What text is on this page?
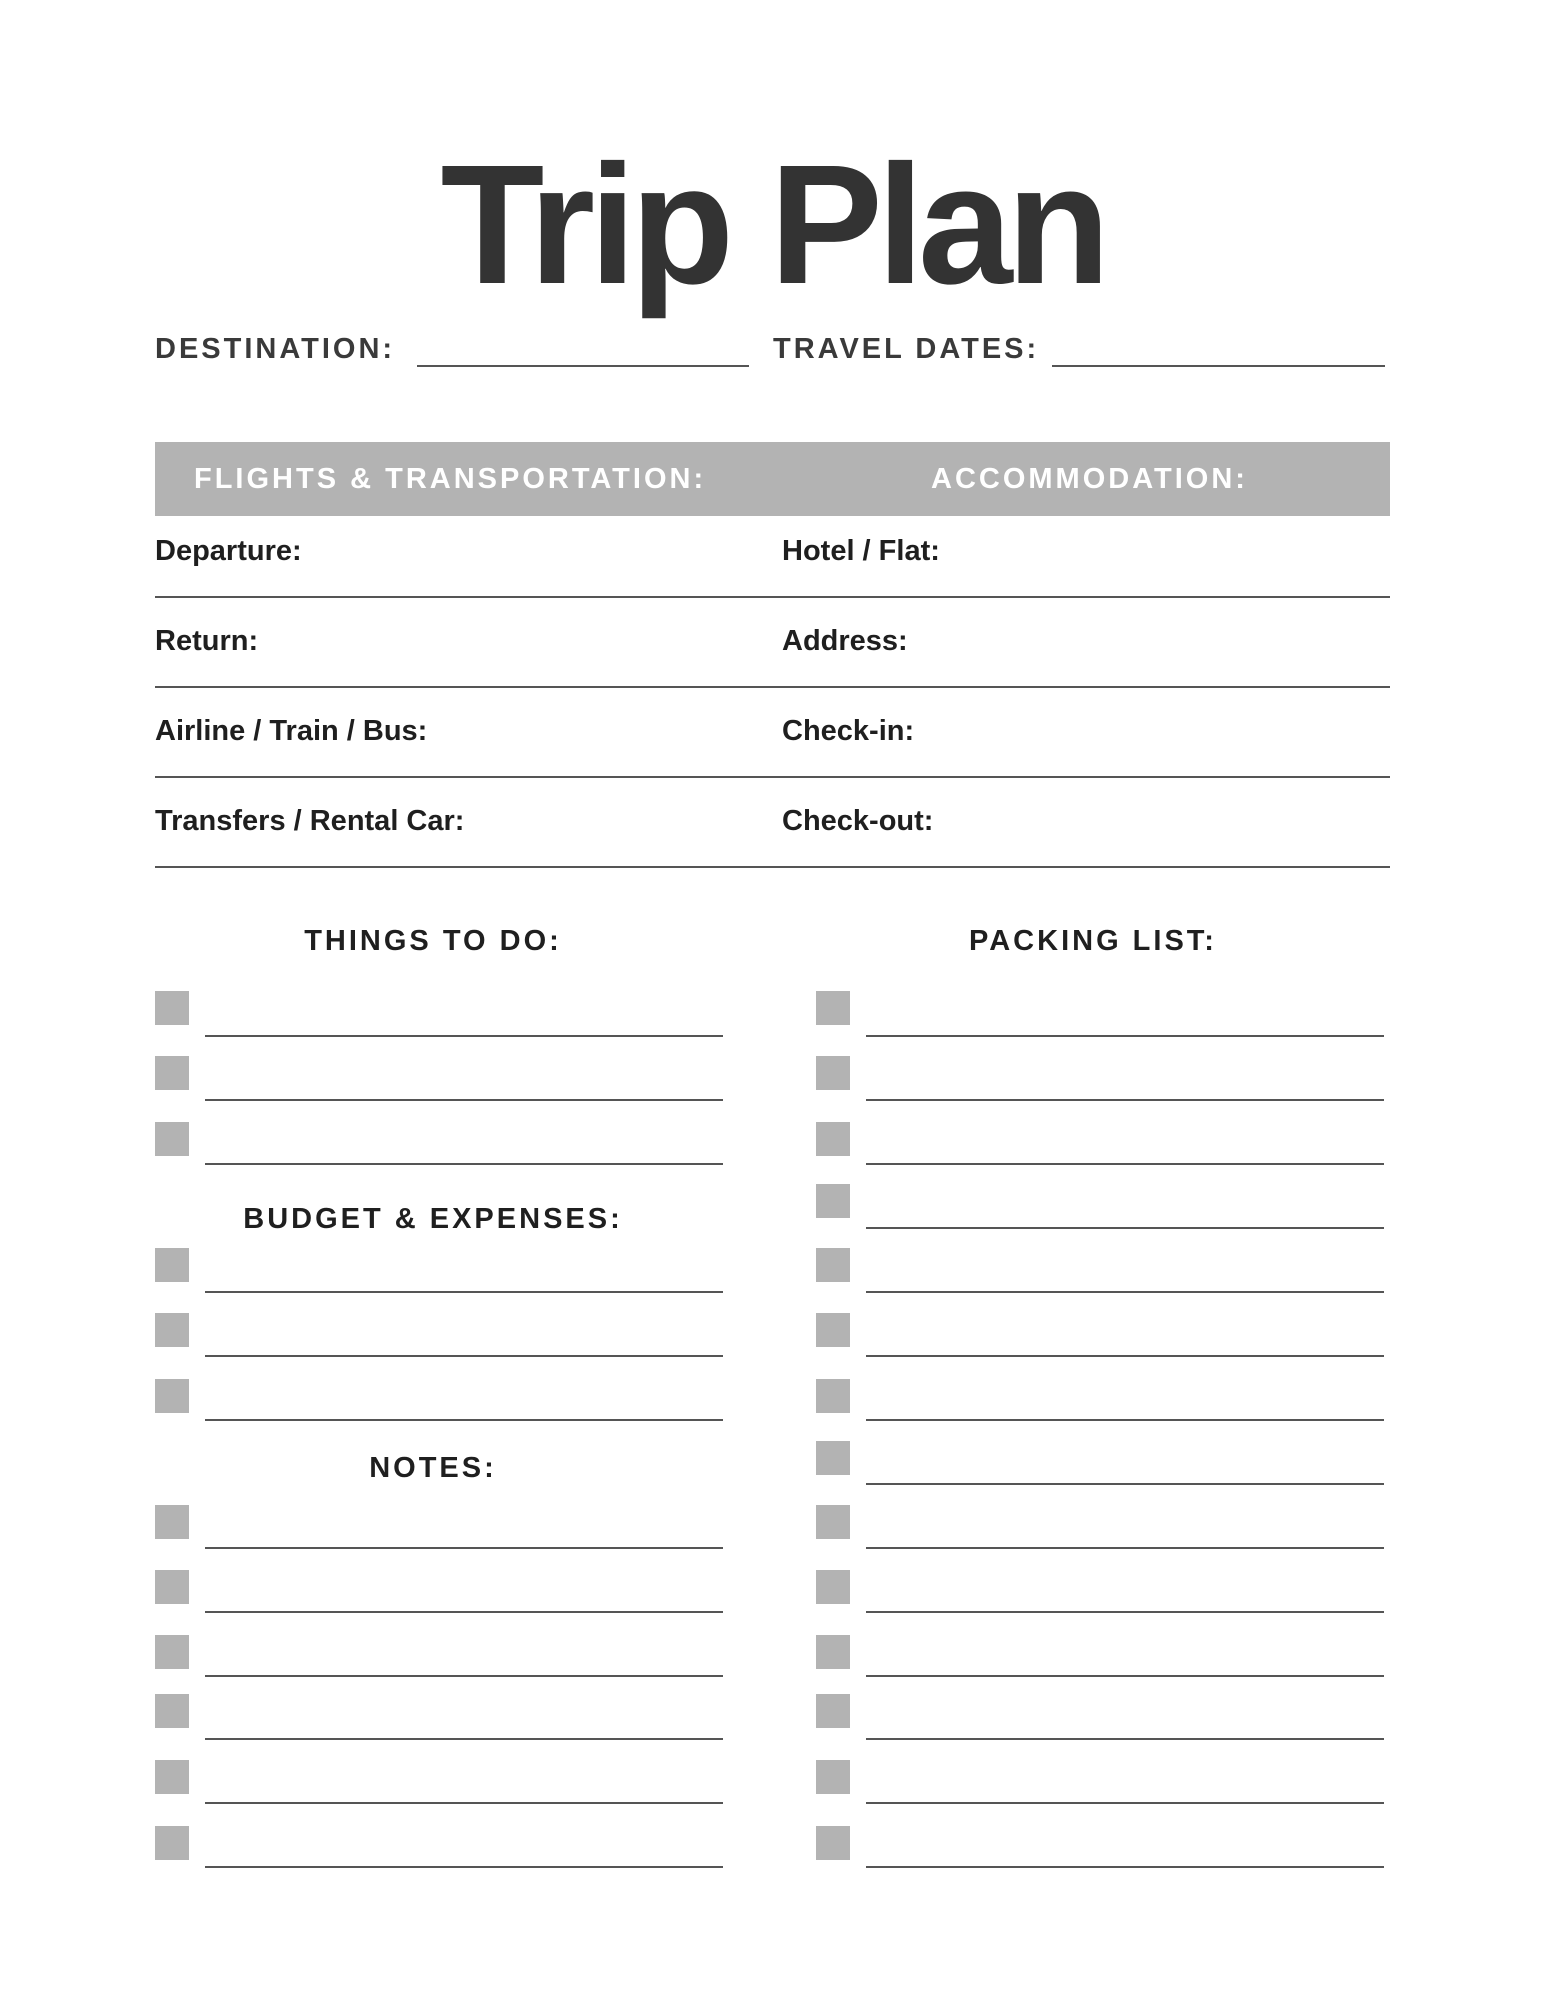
Trip Plan
DESTINATION:	TRAVEL DATES:
FLIGHTS & TRANSPORTATION:	ACCOMMODATION:
Departure:	Hotel / Flat:
Return:	Address:
Airline / Train / Bus:	Check-in:
Transfers / Rental Car:	Check-out:
THINGS TO DO:	PACKING LIST:
BUDGET & EXPENSES:
NOTES:
